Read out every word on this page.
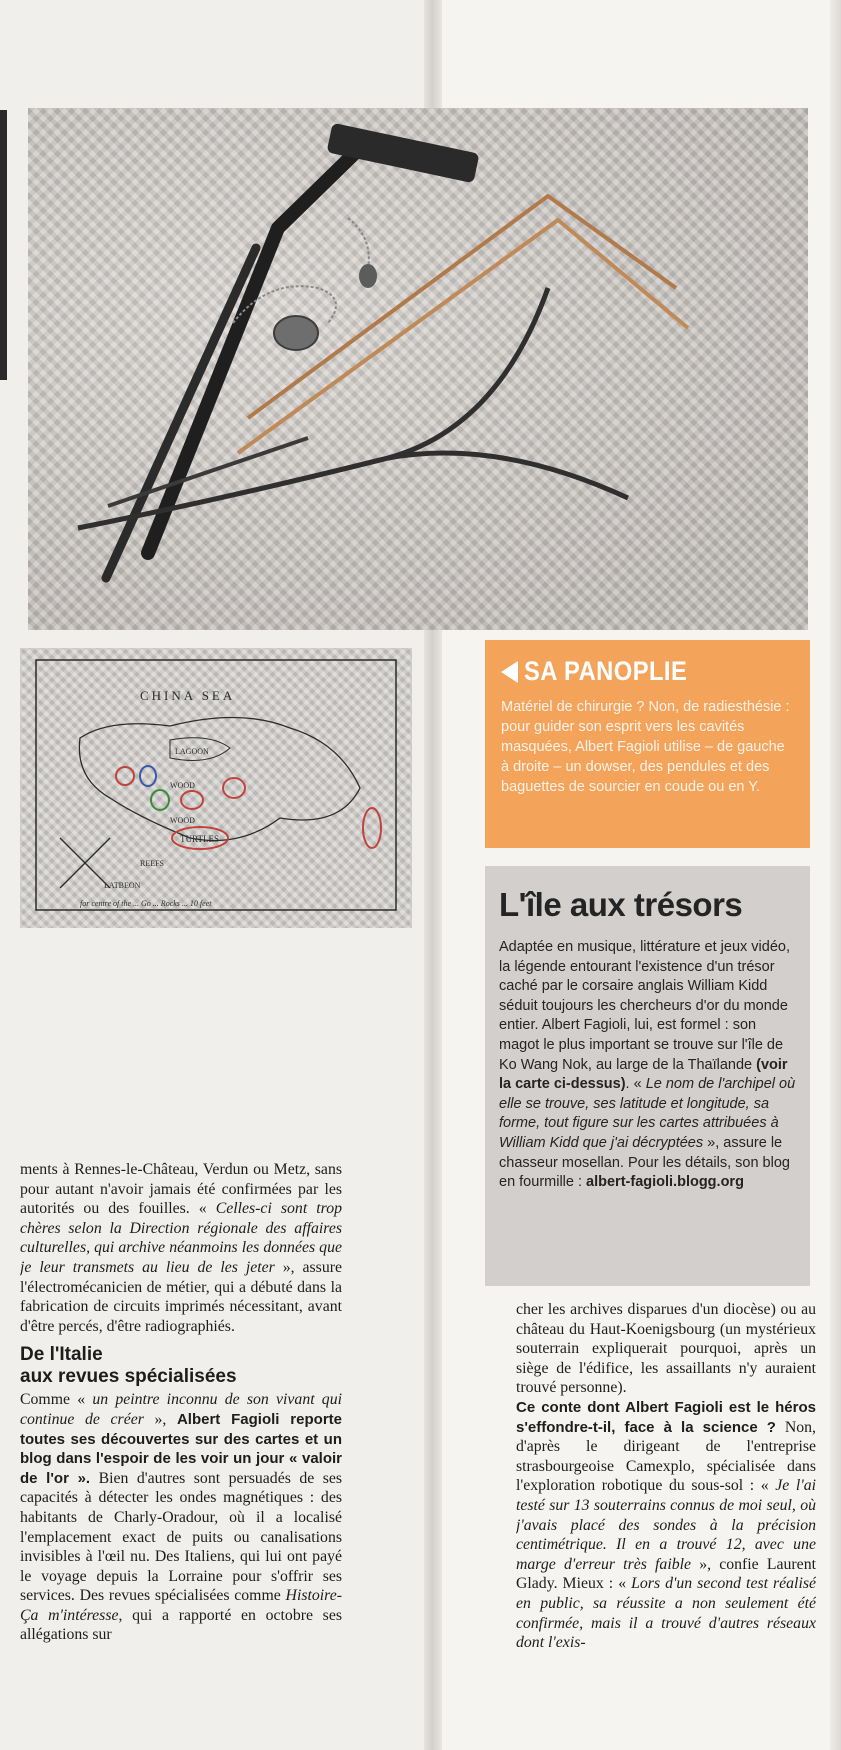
CHINA SEA
LAGOON
WOOD
WOOD
TURTLES
REEFS
LATBEON
for centre of the ... Go ... Rocks ... 10 feet
SA PANOPLIE
Matériel de chirurgie ? Non, de radiesthésie : pour guider son esprit vers les cavités masquées, Albert Fagioli utilise – de gauche à droite – un dowser, des pendules et des baguettes de sourcier en coude ou en Y.
L'île aux trésors
Adaptée en musique, littérature et jeux vidéo, la légende entourant l'existence d'un trésor caché par le corsaire anglais William Kidd séduit toujours les chercheurs d'or du monde entier. Albert Fagioli, lui, est formel : son magot le plus important se trouve sur l'île de Ko Wang Nok, au large de la Thaïlande (voir la carte ci-dessus). « Le nom de l'archipel où elle se trouve, ses latitude et longitude, sa forme, tout figure sur les cartes attribuées à William Kidd que j'ai décryptées », assure le chasseur mosellan. Pour les détails, son blog en fourmille : albert-fagioli.blogg.org

ments à Rennes-le-Château, Verdun ou Metz, sans pour autant n'avoir jamais été confirmées par les autorités ou des fouilles. « Celles-ci sont trop chères selon la Direction régionale des affaires culturelles, qui archive néanmoins les données que je leur transmets au lieu de les jeter », assure l'électromécanicien de métier, qui a débuté dans la fabrication de circuits imprimés nécessitant, avant d'être percés, d'être radiographiés.

De l'Italie
aux revues spécialisées

Comme « un peintre inconnu de son vivant qui continue de créer », Albert Fagioli reporte toutes ses découvertes sur des cartes et un blog dans l'espoir de les voir un jour « valoir de l'or ». Bien d'autres sont persuadés de ses capacités à détecter les ondes magnétiques : des habitants de Charly-Oradour, où il a localisé l'emplacement exact de puits ou canalisations invisibles à l'œil nu. Des Italiens, qui lui ont payé le voyage depuis la Lorraine pour s'offrir ses services. Des revues spécialisées comme Histoire-Ça m'intéresse, qui a rapporté en octobre ses allégations sur

cher les archives disparues d'un diocèse) ou au château du Haut-Koenigsbourg (un mystérieux souterrain expliquerait pourquoi, après un siège de l'édifice, les assaillants n'y auraient trouvé personne).

Ce conte dont Albert Fagioli est le héros s'effondre-t-il, face à la science ? Non, d'après le dirigeant de l'entreprise strasbourgeoise Camexplo, spécialisée dans l'exploration robotique du sous-sol : « Je l'ai testé sur 13 souterrains connus de moi seul, où j'avais placé des sondes à la précision centimétrique. Il en a trouvé 12, avec une marge d'erreur très faible », confie Laurent Glady. Mieux : « Lors d'un second test réalisé en public, sa réussite a non seulement été confirmée, mais il a trouvé d'autres réseaux dont l'exis-
